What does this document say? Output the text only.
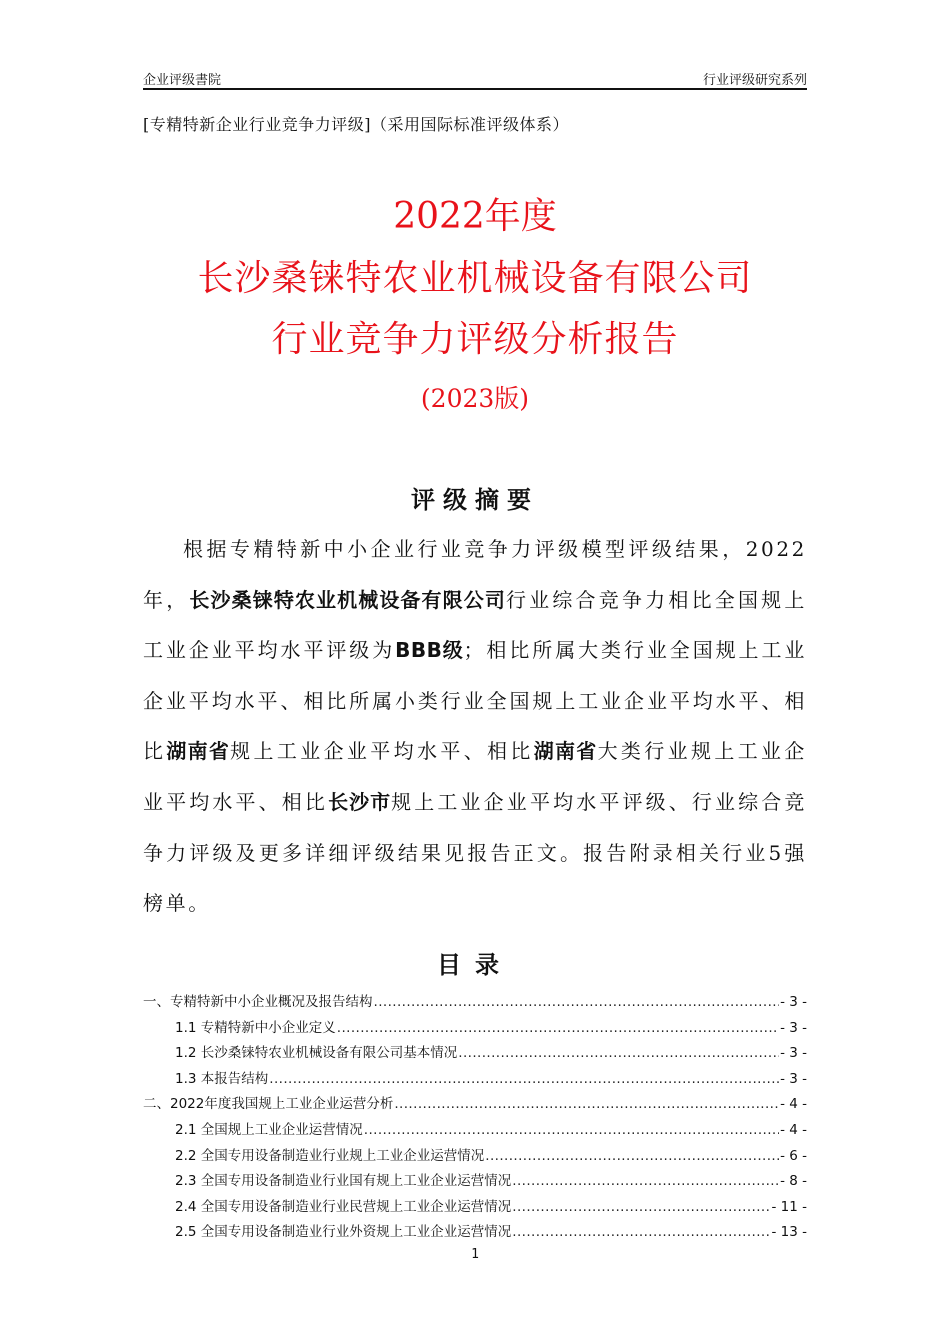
企业评级書院	行业评级研究系列
[专精特新企业行业竞争力评级]（采用国际标准评级体系）
2022年度
长沙桑铼特农业机械设备有限公司
行业竞争力评级分析报告
(2023版)
评级摘要
根据专精特新中小企业行业竞争力评级模型评级结果，2022年，长沙桑铼特农业机械设备有限公司行业综合竞争力相比全国规上工业企业平均水平评级为BBB级；相比所属大类行业全国规上工业企业平均水平、相比所属小类行业全国规上工业企业平均水平、相比湖南省规上工业企业平均水平、相比湖南省大类行业规上工业企业平均水平、相比长沙市规上工业企业平均水平评级、行业综合竞争力评级及更多详细评级结果见报告正文。报告附录相关行业5强榜单。
目录
一、专精特新中小企业概况及报告结构 .....	- 3 -
1.1 专精特新中小企业定义 .....	- 3 -
1.2 长沙桑铼特农业机械设备有限公司基本情况 .....	- 3 -
1.3 本报告结构 .....	- 3 -
二、2022年度我国规上工业企业运营分析 .....	- 4 -
2.1 全国规上工业企业运营情况 .....	- 4 -
2.2 全国专用设备制造业行业规上工业企业运营情况 .....	- 6 -
2.3 全国专用设备制造业行业国有规上工业企业运营情况 .....	- 8 -
2.4 全国专用设备制造业行业民营规上工业企业运营情况 .....	- 11 -
2.5 全国专用设备制造业行业外资规上工业企业运营情况 .....	- 13 -
1
